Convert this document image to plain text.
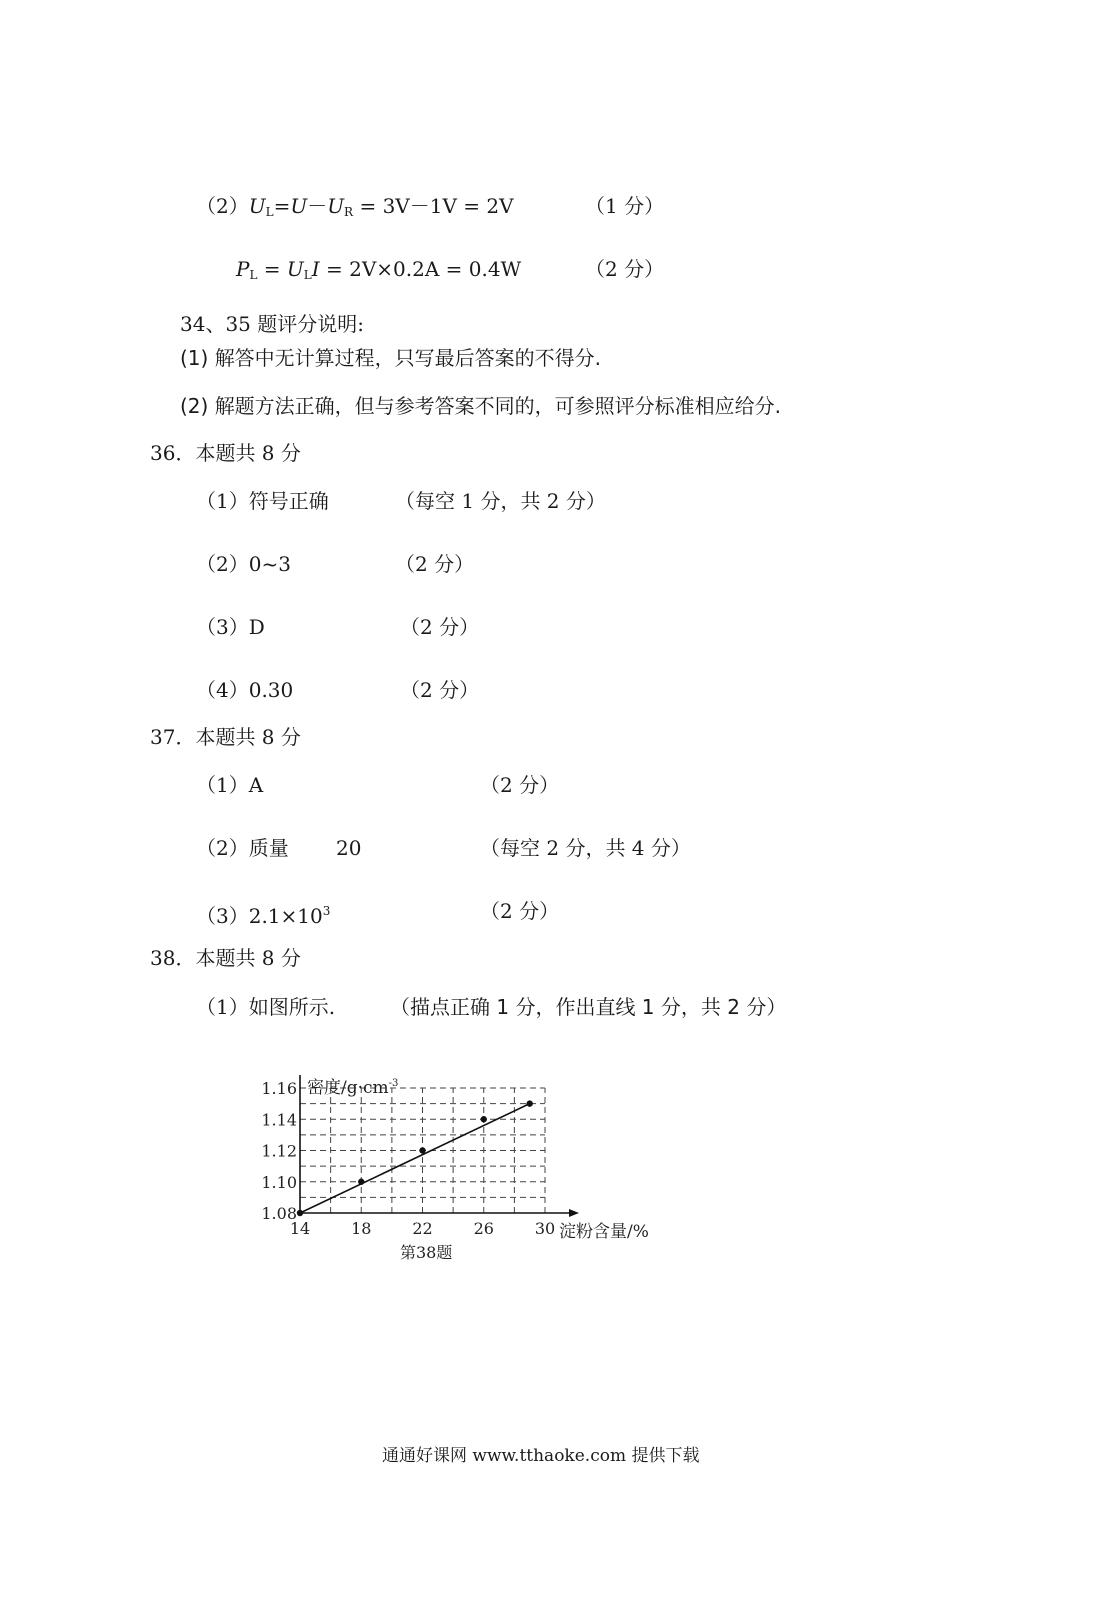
$(2)U_L=U-U_R = 3V-1V = 2V$	（1 分）
$P_L = U_LI = 2V\times 0.2A = 0.4W$	（2 分）
34、35 题评分说明:
(1) 解答中无计算过程，只写最后答案的不得分.
(2) 解题方法正确，但与参考答案不同的，可参照评分标准相应给分.
36．本题共 8 分
（1）符号正确	（每空 1 分，共 2 分）
（2）0~3	（2 分）
（3）D	（2 分）
（4）0.30	（2 分）
37．本题共 8 分
（1）A	（2 分）
（2）质量 20	（每空 2 分，共 4 分）
$(3)2.1\times 10^3$	（2 分）
38．本题共 8 分
（1）如图所示.	（描点正确 1 分，作出直线 1 分，共 2 分）
14	18	22	26	30
1.08
1.10
1.12
1.14
1.16 密度$/g\cdot cm^{-3}$
淀粉含量/%
第38题
通通好课网 www.tthaoke.com 提供下载
